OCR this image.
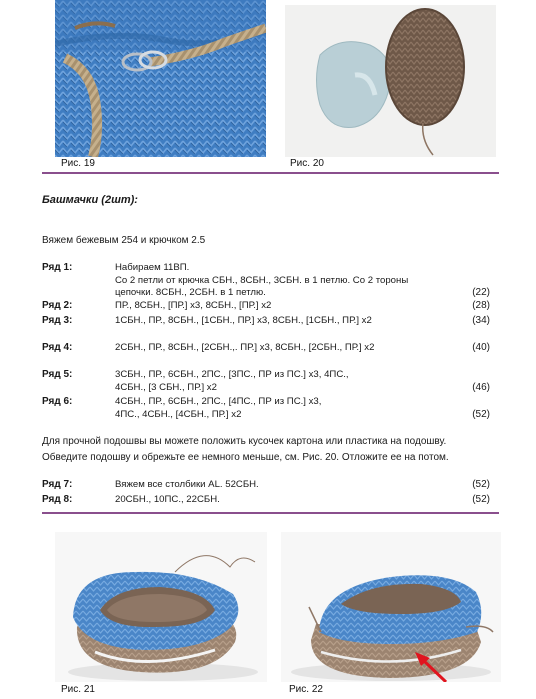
Рис. 19	Рис. 20
Башмачки (2шт):
Вяжем бежевым 254 и крючком 2.5
Ряд 1:	Набираем 11ВП.
Со 2 петли от крючка СБН., 8СБН., 3СБН. в 1 петлю. Со 2 тороны
цепочки. 8СБН., 2СБН. в 1 петлю.	(22)
Ряд 2:	ПР., 8СБН., [ПР.] х3, 8СБН., [ПР.] х2	(28)
Ряд 3:	1СБН., ПР., 8СБН., [1СБН., ПР.] х3, 8СБН., [1СБН., ПР.] х2	(34)
Ряд 4:	2СБН., ПР., 8СБН., [2СБН.,. ПР.] х3, 8СБН., [2СБН., ПР.] х2	(40)
Ряд 5:	3СБН., ПР., 6СБН., 2ПС., [3ПС., ПР из ПС.] х3, 4ПС.,
4СБН., [3 СБН., ПР.] х2	(46)
Ряд 6:	4СБН., ПР., 6СБН., 2ПС., [4ПС., ПР из ПС.] х3,
4ПС., 4СБН., [4СБН., ПР.] х2	(52)
Для прочной подошвы вы можете положить кусочек картона или пластика на подошву.
Обведите подошву и обрежьте ее немного меньше, см. Рис. 20. Отложите ее на потом.
Ряд 7:	Вяжем все столбики AL. 52СБН.	(52)
Ряд 8:	20СБН., 10ПС., 22СБН.	(52)
Рис. 21	Рис. 22
